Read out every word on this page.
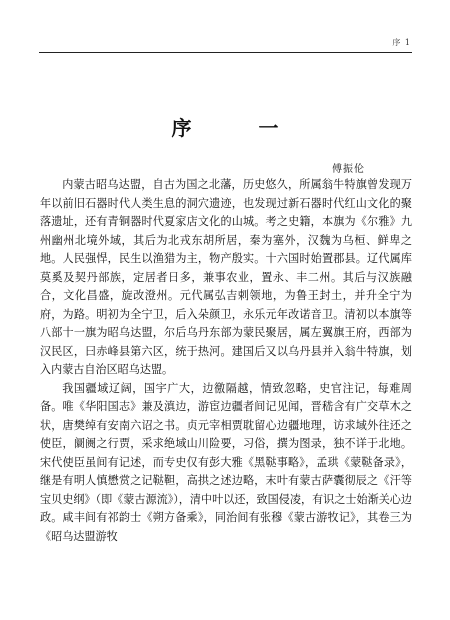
序 1
序 一
傅振伦

内蒙古昭乌达盟，自古为国之北藩，历史悠久，所属翁牛特旗曾发现万年以前旧石器时代人类生息的洞穴遗迹，也发现过新石器时代红山文化的聚落遗址，还有青铜器时代夏家店文化的山城。考之史籍，本旗为《尔雅》九州幽州北境外域，其后为北戎东胡所居，秦为塞外，汉魏为乌桓、鲜卑之地。人民强悍，民生以渔猎为主，物产殷实。十六国时始置郡县。辽代属库莫奚及契丹部族，定居者日多，兼事农业，置永、丰二州。其后与汉族融合，文化昌盛，旋改澄州。元代属弘吉剌领地，为鲁王封土，并升全宁为府，为路。明初为全宁卫，后入朵颜卫，永乐元年改诺音卫。清初以本旗等八部十一旗为昭乌达盟，尔后乌丹东部为蒙民聚居，属左翼旗王府，西部为汉民区，曰赤峰县第六区，统于热河。建国后又以乌丹县并入翁牛特旗，划入内蒙古自治区昭乌达盟。

我国疆域辽阔，国宇广大，边徼隔越，情致忽略，史官注记，每难周备。唯《华阳国志》兼及滇边，游宦边疆者间记见闻，晋嵇含有广交草木之状，唐樊绰有安南六诏之书。贞元宰相贾耽留心边疆地理，访求域外往还之使臣，阛阓之行贾，采求绝域山川险要，习俗，撰为图录，独不详于北地。宋代使臣虽间有记述，而专史仅有彭大雅《黑鞑事略》，孟珙《蒙鞑备录》，继是有明人慎懋赏之记鞑靼，高拱之述边略，末叶有蒙古萨囊彻辰之《汗等宝贝史纲》（即《蒙古源流》），清中叶以还，致国侵凌，有识之士始渐关心边政。咸丰间有祁韵士《朔方备乘》，同治间有张穆《蒙古游牧记》，其卷三为《昭乌达盟游牧
